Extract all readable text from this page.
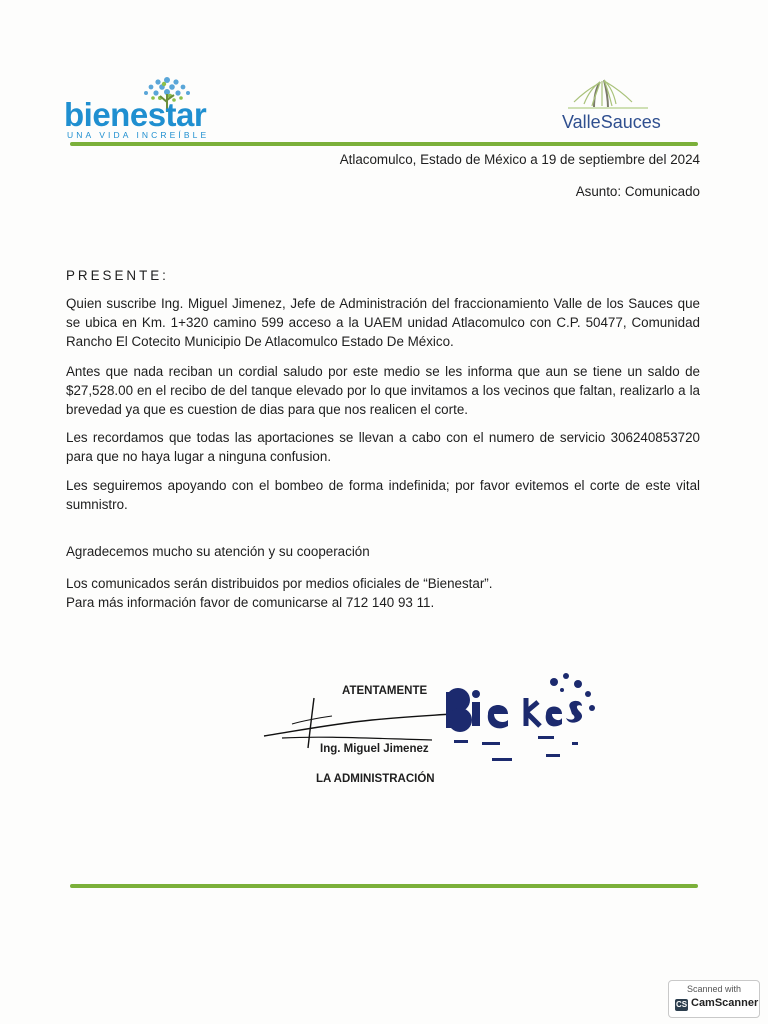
bienestar
UNA VIDA INCREÍBLE
ValleSauces
Atlacomulco, Estado de México a 19 de septiembre del 2024
Asunto: Comunicado
PRESENTE:
Quien suscribe Ing. Miguel Jimenez, Jefe de Administración del fraccionamiento Valle de los Sauces que se ubica en Km. 1+320 camino 599 acceso a la UAEM unidad Atlacomulco con C.P. 50477, Comunidad Rancho El Cotecito Municipio De Atlacomulco Estado De México.
Antes que nada reciban un cordial saludo por este medio se les informa que aun se tiene un saldo de $27,528.00 en el recibo de del tanque elevado por lo que invitamos a los vecinos que faltan, realizarlo a la brevedad ya que es cuestion de dias para que nos realicen el corte.
Les recordamos que todas las aportaciones se llevan a cabo con el numero de servicio 306240853720 para que no haya lugar a ninguna confusion.
Les seguiremos apoyando con el bombeo de forma indefinida; por favor evitemos el corte de este vital sumnistro.
Agradecemos mucho su atención y su cooperación
Los comunicados serán distribuidos por medios oficiales de “Bienestar”.
Para más información favor de comunicarse al 712 140 93 11.
ATENTAMENTE
Ing. Miguel Jimenez
LA ADMINISTRACIÓN
Scanned with
CS CamScanner
